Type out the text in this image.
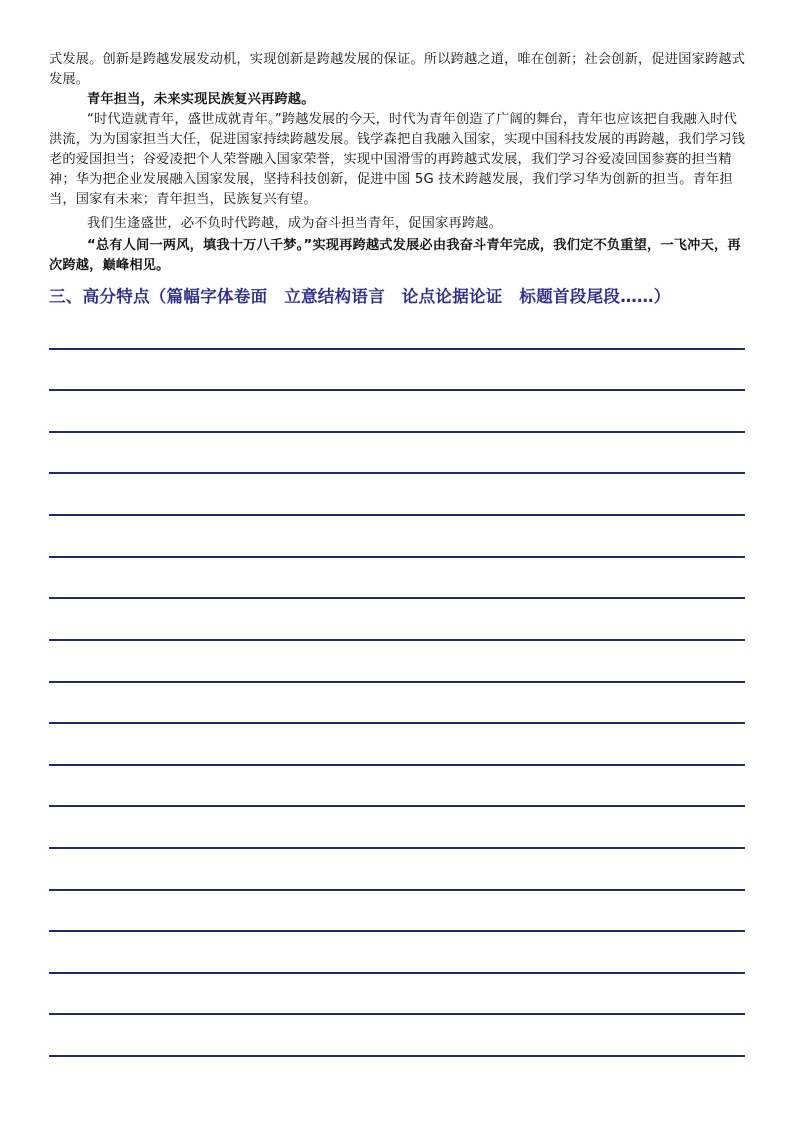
式发展。创新是跨越发展发动机，实现创新是跨越发展的保证。所以跨越之道，唯在创新；社会创新，促进国家跨越式发展。

青年担当，未来实现民族复兴再跨越。

“时代造就青年，盛世成就青年。”跨越发展的今天，时代为青年创造了广阔的舞台，青年也应该把自我融入时代洪流，为为国家担当大任，促进国家持续跨越发展。钱学森把自我融入国家，实现中国科技发展的再跨越，我们学习钱老的爱国担当；谷爱凌把个人荣誉融入国家荣誉，实现中国滑雪的再跨越式发展，我们学习谷爱凌回国参赛的担当精神；华为把企业发展融入国家发展，坚持科技创新，促进中国 5G 技术跨越发展，我们学习华为创新的担当。青年担当，国家有未来；青年担当，民族复兴有望。

我们生逢盛世，必不负时代跨越，成为奋斗担当青年，促国家再跨越。

“总有人间一两风，填我十万八千梦。”实现再跨越式发展必由我奋斗青年完成，我们定不负重望，一飞冲天，再次跨越，巅峰相见。

三、高分特点（篇幅字体卷面　立意结构语言　论点论据论证　标题首段尾段……）
